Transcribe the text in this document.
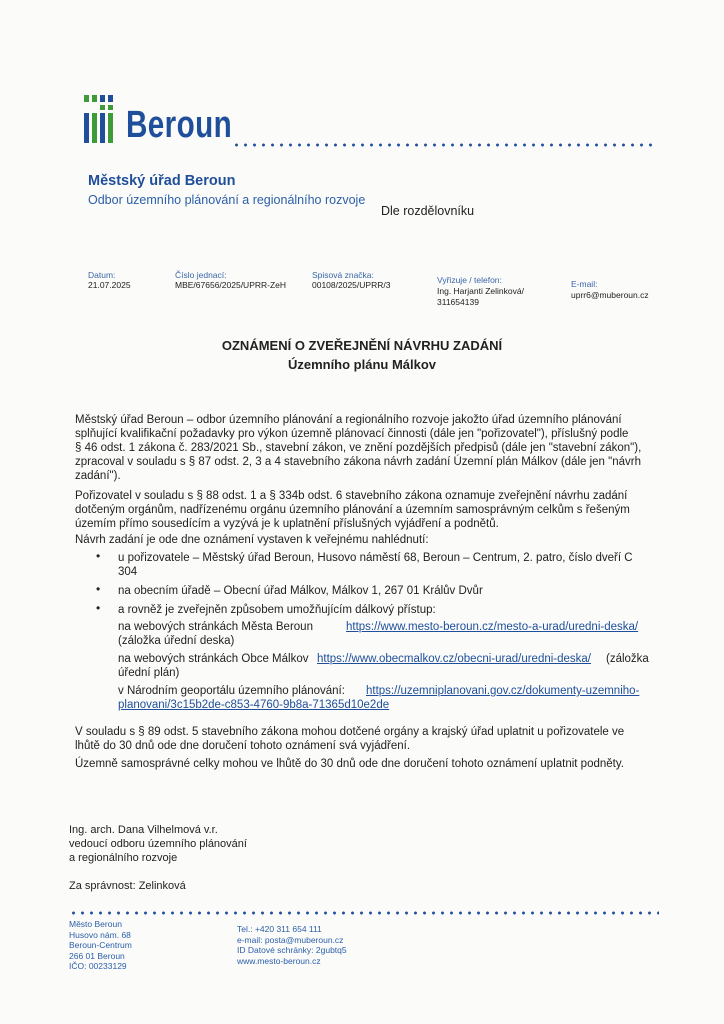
Beroun
Městský úřad Beroun
Odbor územního plánování a regionálního rozvoje
Dle rozdělovníku
Datum:
21.07.2025
Číslo jednací:
MBE/67656/2025/UPRR-ZeH
Spisová značka:
00108/2025/UPRR/3	Vyřizuje / telefon:
Ing. Harjanti Zelinková/
311654139
E-mail:
uprr6@muberoun.cz
OZNÁMENÍ O ZVEŘEJNĚNÍ NÁVRHU ZADÁNÍ
Územního plánu Málkov
Městský úřad Beroun – odbor územního plánování a regionálního rozvoje jakožto úřad územního plánování
splňující kvalifikační požadavky pro výkon územně plánovací činnosti (dále jen "pořizovatel"), příslušný podle
§ 46 odst. 1 zákona č. 283/2021 Sb., stavební zákon, ve znění pozdějších předpisů (dále jen "stavební zákon"),
zpracoval v souladu s § 87 odst. 2, 3 a 4 stavebního zákona návrh zadání Územní plán Málkov (dále jen "návrh
zadání").
Pořizovatel v souladu s § 88 odst. 1 a § 334b odst. 6 stavebního zákona oznamuje zveřejnění návrhu zadání
dotčeným orgánům, nadřízenému orgánu územního plánování a územním samosprávným celkům s řešeným
územím přímo sousedícím a vyzývá je k uplatnění příslušných vyjádření a podnětů.
Návrh zadání je ode dne oznámení vystaven k veřejnému nahlédnutí:
• u pořizovatele – Městský úřad Beroun, Husovo náměstí 68, Beroun – Centrum, 2. patro, číslo dveří C
304
• na obecním úřadě – Obecní úřad Málkov, Málkov 1, 267 01 Králův Dvůr
• a rovněž je zveřejněn způsobem umožňujícím dálkový přístup:
na webových stránkách Města Beroun	https://www.mesto-beroun.cz/mesto-a-urad/uredni-deska/
(záložka úřední deska)
na webových stránkách Obce Málkov https://www.obecmalkov.cz/obecni-urad/uredni-deska/ (záložka
úřední plán)
v Národním geoportálu územního plánování: https://uzemniplanovani.gov.cz/dokumenty-uzemniho-
planovani/3c15b2de-c853-4760-9b8a-71365d10e2de
V souladu s § 89 odst. 5 stavebního zákona mohou dotčené orgány a krajský úřad uplatnit u pořizovatele ve
lhůtě do 30 dnů ode dne doručení tohoto oznámení svá vyjádření.
Územně samosprávné celky mohou ve lhůtě do 30 dnů ode dne doručení tohoto oznámení uplatnit podněty.
Ing. arch. Dana Vilhelmová v.r.
vedoucí odboru územního plánování
a regionálního rozvoje
Za správnost: Zelinková
Město Beroun
Husovo nám. 68
Beroun-Centrum
266 01 Beroun
IČO: 00233129
Tel.: +420 311 654 111
e-mail: posta@muberoun.cz
ID Datové schránky: 2gubtq5
www.mesto-beroun.cz
